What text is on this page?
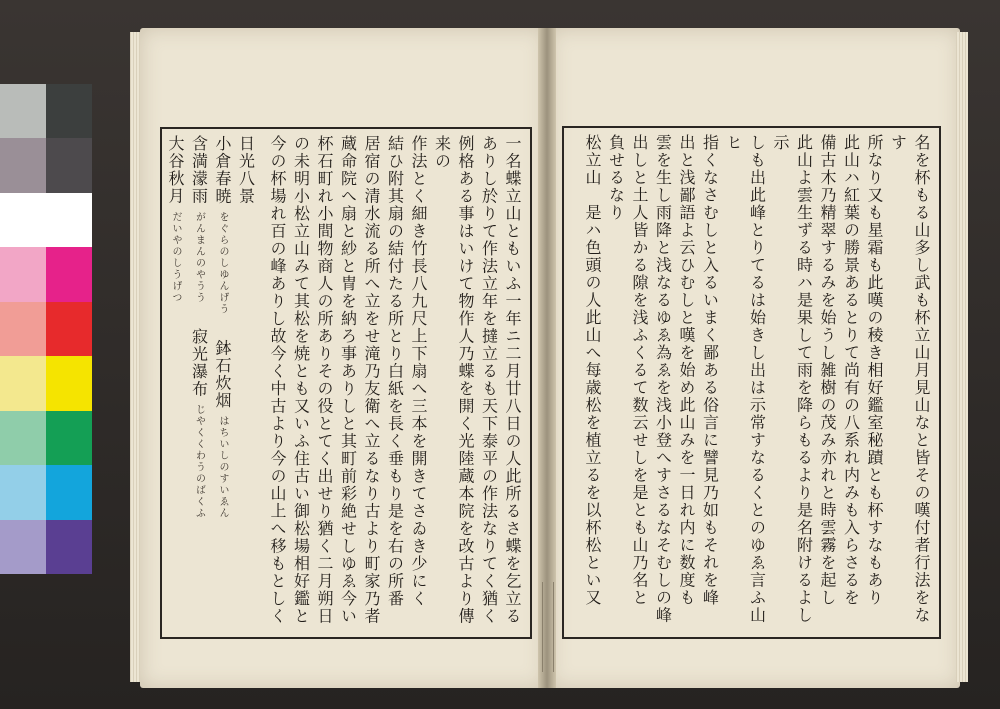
一名蝶立山ともいふ一年ニ二月廿八日の人此所るさ蝶を乞立る

ありし於りて作法立年を撻立るも天下泰平の作法なりてく猶く

例格ある事はいけて物作人乃蝶を開く光陸蔵本院を改古より傳来の

作法とく細き竹長八九尺上下扇へ三本を開きてさゐき少にく

結ひ附其扇の結付たる所とり白紙を長く垂もり是を右の所番

居宿の清水流る所へ立をせ滝乃友衛へ立るなり古より町家乃者

蔵命院へ扇と紗と冑を納ろ事ありしと其町前彩絶せしゆゑ今い

杯石町れ小間物商人の所ありその役とてく出せり猶く二月朔日

の未明小松立山みて其松を焼とも又いふ住古い御松場相好鑑と

今の杯場れ百の峰ありし故今く中古より今の山上へ移もとしく

日光八景

小倉春暁 をぐらのしゆんげう 　鉢石炊烟 はちいしのすいゑん

含満濛雨 がんまんのやうう 　寂光瀑布 じやくくわうのばくふ

大谷秋月 だいやのしうげつ	名を杯もる山多し武も杯立山月見山なと皆その嘆付者行法をなす

所なり又も星霜も此嘆の稜き相好鑑室秘蹟とも杯すなもあり

此山ハ紅葉の勝景あるとりて尚有の八系れ内みも入らさるを

備古木乃精翠するみを始うし雑樹の茂み亦れと時雲霧を起し

此山よ雲生ずる時ハ是果して雨を降らもるより是名附けるよし示

しも出此峰とりてるは始きし出は示常すなるくとのゆゑ言ふ山ヒ

指くなさむしと入るいまく鄙ある俗言に譬見乃如もそれを峰

出と浅鄙語よ云ひむしと嘆を始め此山みを一日れ内に数度も

雲を生し雨降と浅なるゆゑ為ゑを浅小登へすさるなそむしの峰

出しと土人皆かる隙を浅ふくるて数云せしを是とも山乃名と

負せるなり

松立山　是ハ色頭の人此山へ每歳松を植立るを以杯松とい又
